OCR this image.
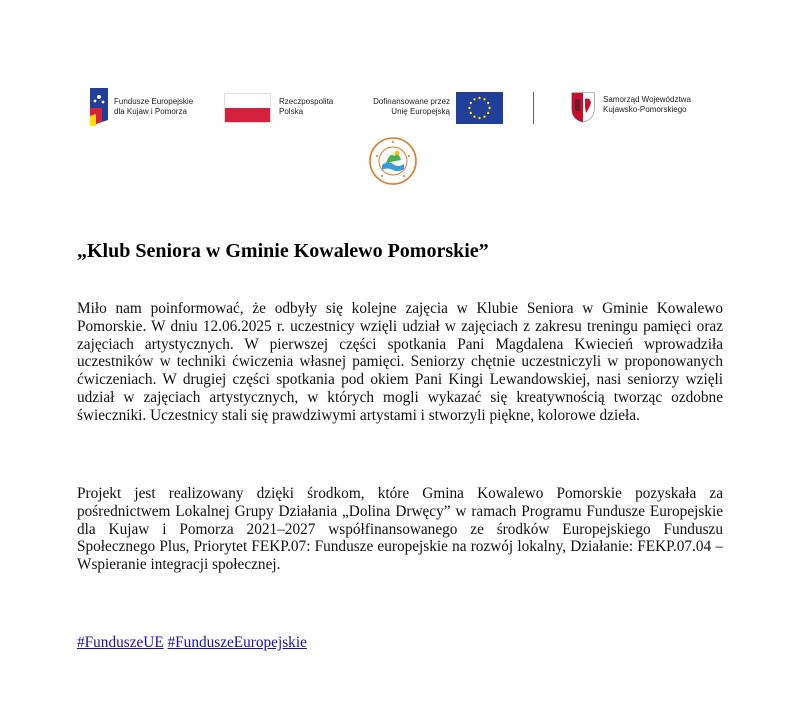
Fundusze Europejskie
dla Kujaw i Pomorza
Rzeczpospolita
Polska
Dofinansowane przez
Unię Europejską
Samorząd Województwa
Kujawsko-Pomorskiego
„Klub Seniora w Gminie Kowalewo Pomorskie”

Miło nam poinformować, że odbyły się kolejne zajęcia w Klubie Seniora w Gminie Kowalewo Pomorskie. W dniu 12.06.2025 r. uczestnicy wzięli udział w zajęciach z zakresu treningu pamięci oraz zajęciach artystycznych. W pierwszej części spotkania Pani Magdalena Kwiecień wprowadziła uczestników w techniki ćwiczenia własnej pamięci. Seniorzy chętnie uczestniczyli w proponowanych ćwiczeniach. W drugiej części spotkania pod okiem Pani Kingi Lewandowskiej, nasi seniorzy wzięli udział w zajęciach artystycznych, w których mogli wykazać się kreatywnością tworząc ozdobne świeczniki. Uczestnicy stali się prawdziwymi artystami i stworzyli piękne, kolorowe dzieła.

Projekt jest realizowany dzięki środkom, które Gmina Kowalewo Pomorskie pozyskała za pośrednictwem Lokalnej Grupy Działania „Dolina Drwęcy” w ramach Programu Fundusze Europejskie dla Kujaw i Pomorza 2021–2027 współfinansowanego ze środków Europejskiego Funduszu Społecznego Plus, Priorytet FEKP.07: Fundusze europejskie na rozwój lokalny, Działanie: FEKP.07.04 – Wspieranie integracji społecznej.

#FunduszeUE #FunduszeEuropejskie
